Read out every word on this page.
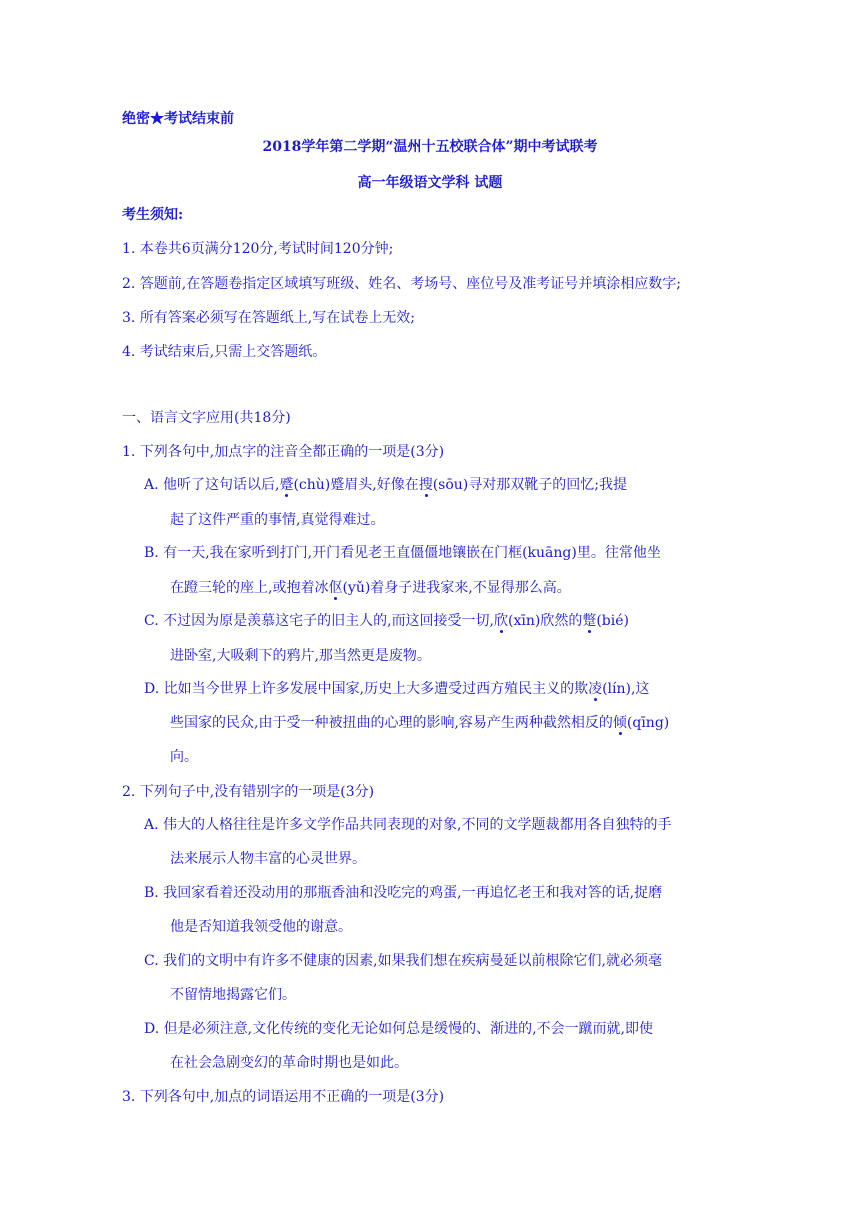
绝密★考试结束前
2018学年第二学期“温州十五校联合体”期中考试联考
高一年级语文学科 试题
考生须知:
1. 本卷共6页满分120分,考试时间120分钟;
2. 答题前,在答题卷指定区域填写班级、姓名、考场号、座位号及准考证号并填涂相应数字;
3. 所有答案必须写在答题纸上,写在试卷上无效;
4. 考试结束后,只需上交答题纸。
一、语言文字应用(共18分)
1. 下列各句中,加点字的注音全都正确的一项是(3分)
A. 他听了这句话以后,蹙(chù)蹙眉头,好像在搜(sōu)寻对那双靴子的回忆;我提
起了这件严重的事情,真觉得难过。
B. 有一天,我在家听到打门,开门看见老王直僵僵地镶嵌在门框(kuāng)里。往常他坐
在蹬三轮的座上,或抱着冰伛(yǔ)着身子进我家来,不显得那么高。
C. 不过因为原是羡慕这宅子的旧主人的,而这回接受一切,欣(xīn)欣然的蹩(bié)
进卧室,大吸剩下的鸦片,那当然更是废物。
D. 比如当今世界上许多发展中国家,历史上大多遭受过西方殖民主义的欺凌(lín),这
些国家的民众,由于受一种被扭曲的心理的影响,容易产生两种截然相反的倾(qīng)
向。
2. 下列句子中,没有错别字的一项是(3分)
A. 伟大的人格往往是许多文学作品共同表现的对象,不同的文学题裁都用各自独特的手
法来展示人物丰富的心灵世界。
B. 我回家看着还没动用的那瓶香油和没吃完的鸡蛋,一再追忆老王和我对答的话,捉磨
他是否知道我领受他的谢意。
C. 我们的文明中有许多不健康的因素,如果我们想在疾病曼延以前根除它们,就必须毫
不留情地揭露它们。
D. 但是必须注意,文化传统的变化无论如何总是缓慢的、渐进的,不会一蹴而就,即使
在社会急剧变幻的革命时期也是如此。
3. 下列各句中,加点的词语运用不正确的一项是(3分)
